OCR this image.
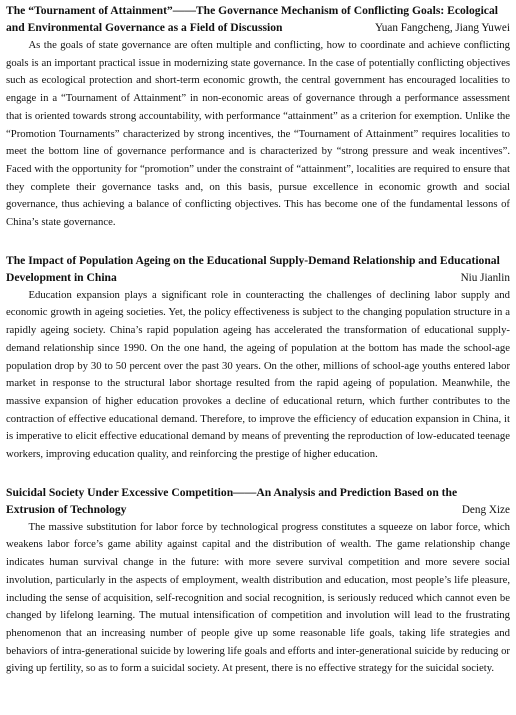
The “Tournament of Attainment”——The Governance Mechanism of Conflicting Goals: Ecological
and Environmental Governance as a Field of Discussion	Yuan Fangcheng, Jiang Yuwei

As the goals of state governance are often multiple and conflicting, how to coordinate and achieve conflicting goals is an important practical issue in modernizing state governance. In the case of potentially conflicting objectives such as ecological protection and short-term economic growth, the central government has encouraged localities to engage in a “Tournament of Attainment” in non-economic areas of governance through a performance assessment that is oriented towards strong accountability, with performance “attainment” as a criterion for exemption. Unlike the “Promotion Tournaments” characterized by strong incentives, the “Tournament of Attainment” requires localities to meet the bottom line of governance performance and is characterized by “strong pressure and weak incentives”. Faced with the opportunity for “promotion” under the constraint of “attainment”, localities are required to ensure that they complete their governance tasks and, on this basis, pursue excellence in economic growth and social governance, thus achieving a balance of conflicting objectives. This has become one of the fundamental lessons of China’s state governance.

The Impact of Population Ageing on the Educational Supply-Demand Relationship and Educational
Development in China	Niu Jianlin

Education expansion plays a significant role in counteracting the challenges of declining labor supply and economic growth in ageing societies. Yet, the policy effectiveness is subject to the changing population structure in a rapidly ageing society. China’s rapid population ageing has accelerated the transformation of educational supply-demand relationship since 1990. On the one hand, the ageing of population at the bottom has made the school-age population drop by 30 to 50 percent over the past 30 years. On the other, millions of school-age youths entered labor market in response to the structural labor shortage resulted from the rapid ageing of population. Meanwhile, the massive expansion of higher education provokes a decline of educational return, which further contributes to the contraction of effective educational demand. Therefore, to improve the efficiency of education expansion in China, it is imperative to elicit effective educational demand by means of preventing the reproduction of low-educated teenage workers, improving education quality, and reinforcing the prestige of higher education.

Suicidal Society Under Excessive Competition——An Analysis and Prediction Based on the
Extrusion of Technology	Deng Xize

The massive substitution for labor force by technological progress constitutes a squeeze on labor force, which weakens labor force’s game ability against capital and the distribution of wealth. The game relationship change indicates human survival change in the future: with more severe survival competition and more severe social involution, particularly in the aspects of employment, wealth distribution and education, most people’s life pleasure, including the sense of acquisition, self-recognition and social recognition, is seriously reduced which cannot even be changed by lifelong learning. The mutual intensification of competition and involution will lead to the frustrating phenomenon that an increasing number of people give up some reasonable life goals, taking life strategies and behaviors of intra-generational suicide by lowering life goals and efforts and inter-generational suicide by reducing or giving up fertility, so as to form a suicidal society. At present, there is no effective strategy for the suicidal society.
